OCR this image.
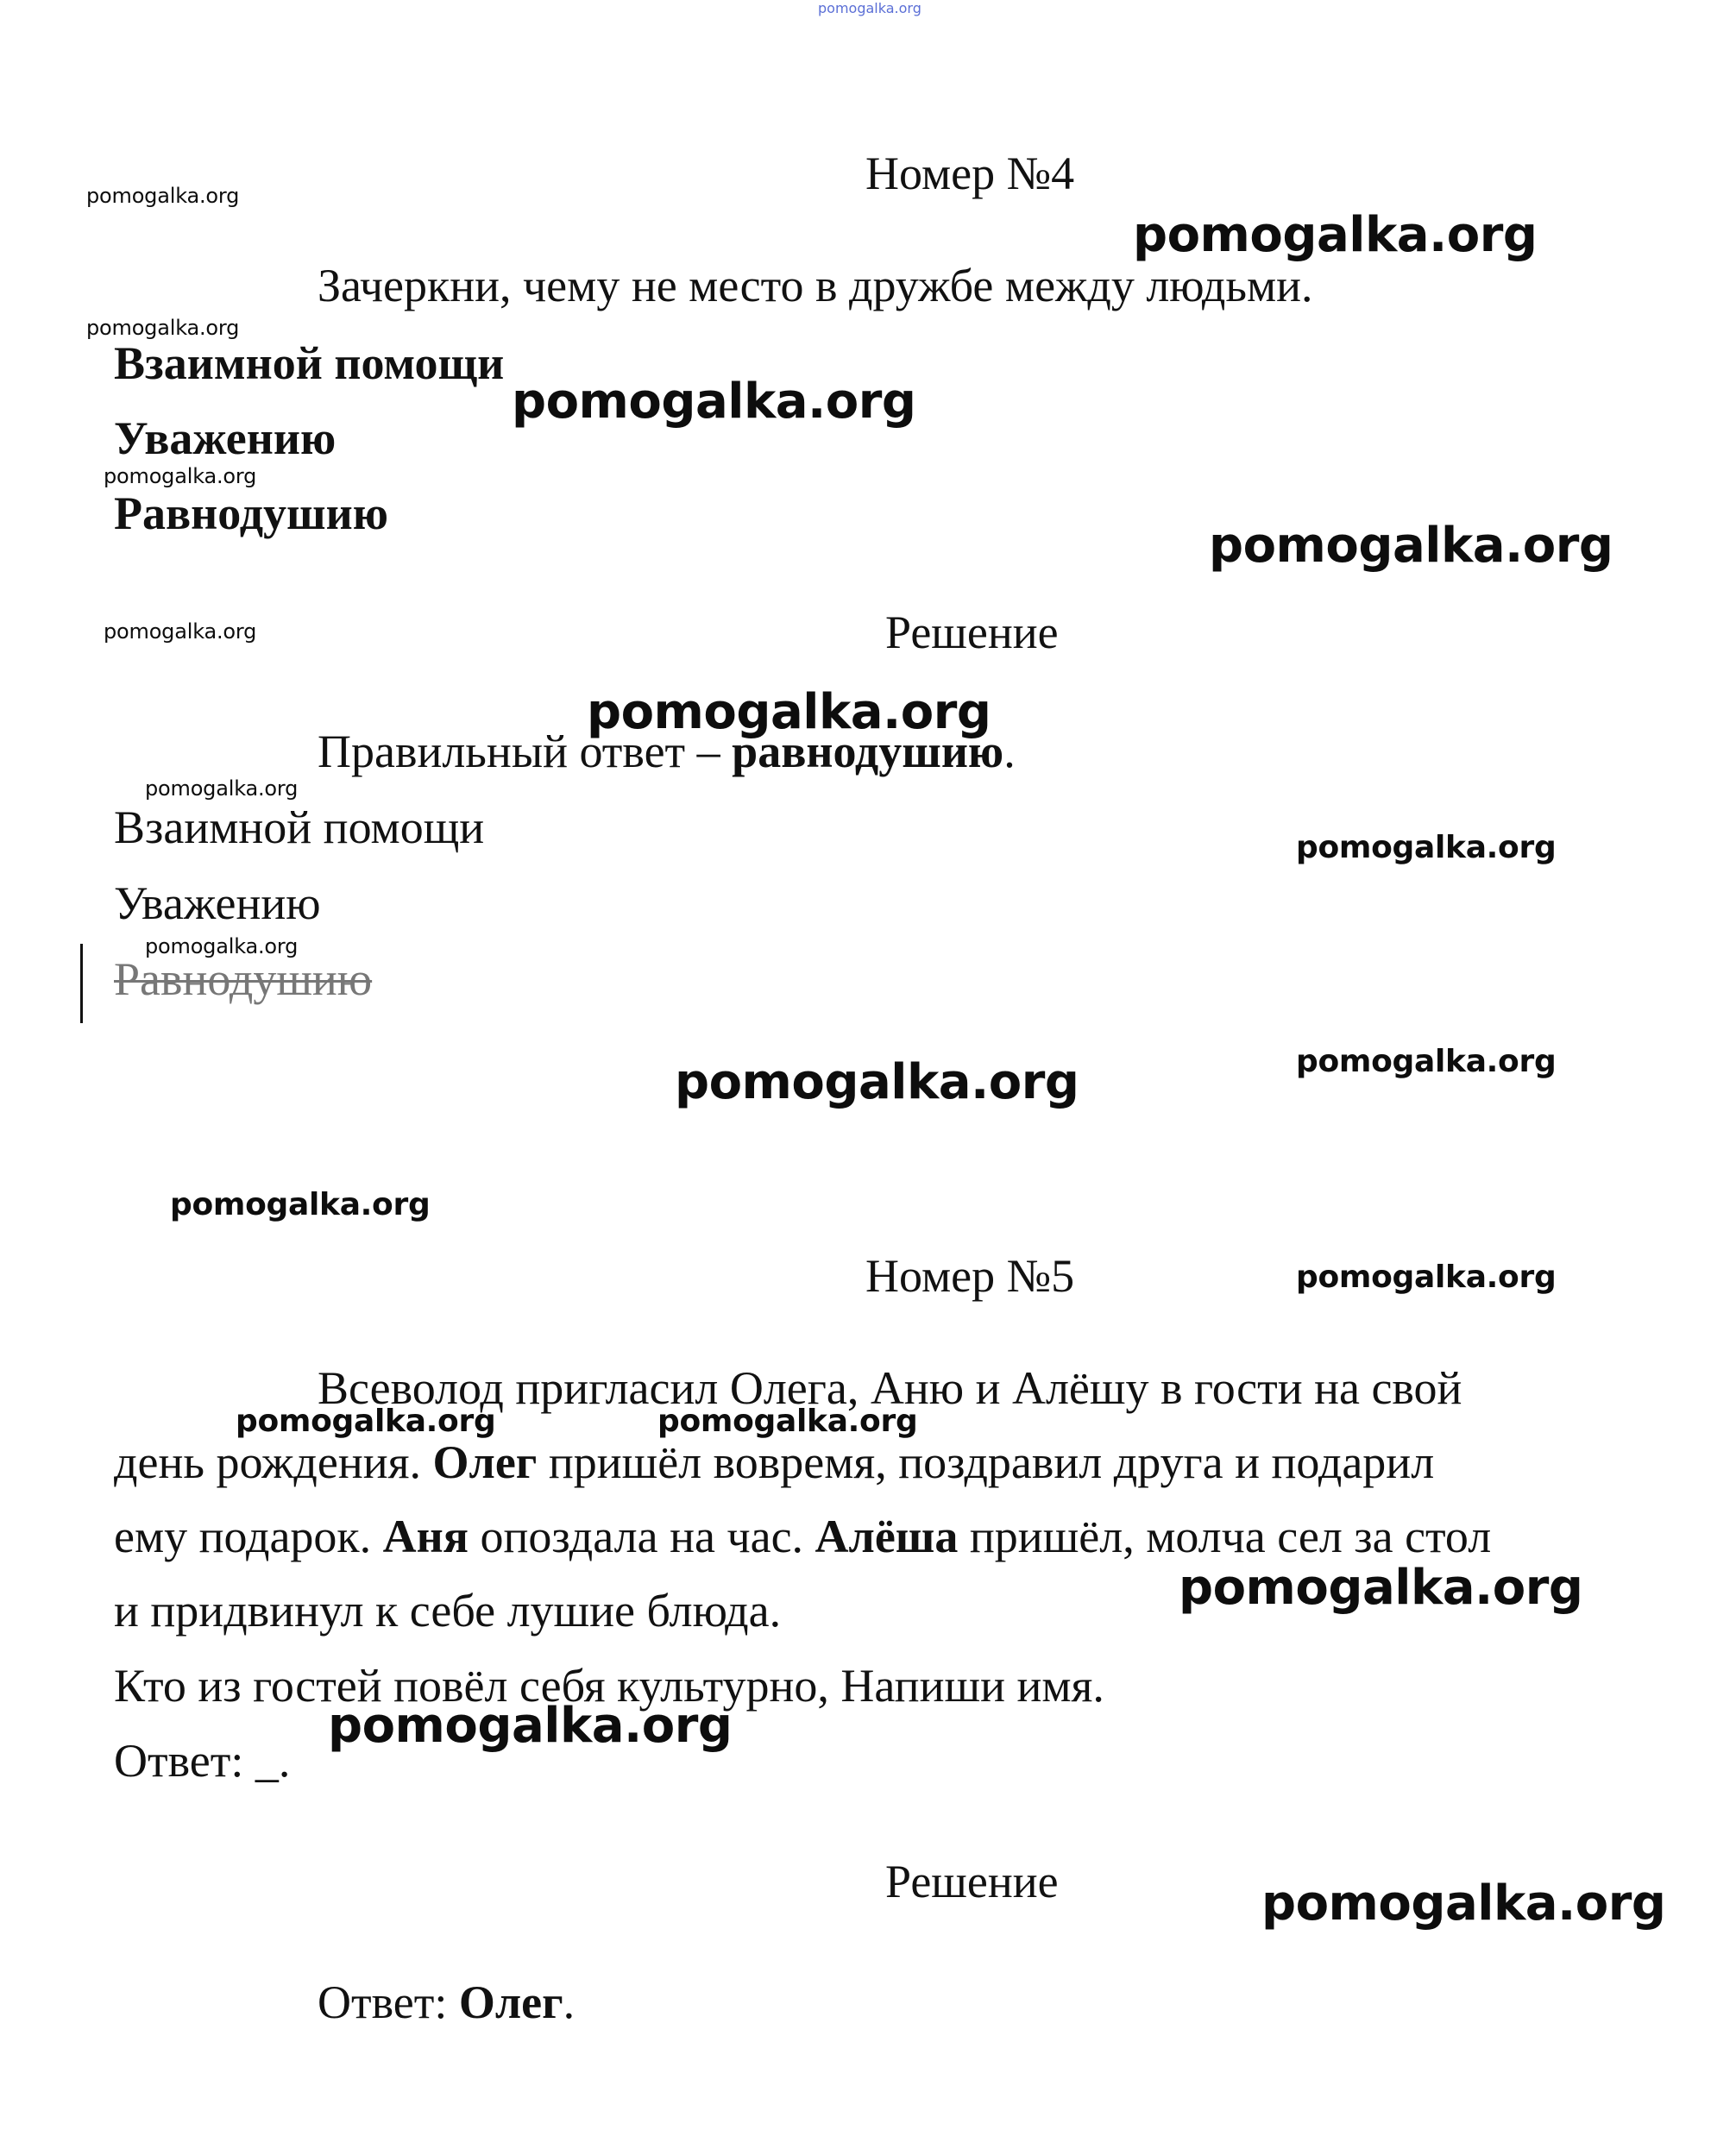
pomogalka.org
Номер №4
Зачеркни, чему не место в дружбе между людьми.
Взаимной помощи
Уважению
Равнодушию
Решение
Правильный ответ – равнодушию.
Взаимной помощи
Уважению
Равнодушию
Номер №5
Всеволод пригласил Олега, Аню и Алёшу в гости на свой
день рождения. Олег пришёл вовремя, поздравил друга и подарил
ему подарок. Аня опоздала на час. Алёша пришёл, молча сел за стол
и придвинул к себе лушие блюда.
Кто из гостей повёл себя культурно, Напиши имя.
Ответ: _.
Решение
Ответ: Олег.
pomogalka.org
pomogalka.org
pomogalka.org
pomogalka.org
pomogalka.org
pomogalka.org
pomogalka.org
pomogalka.org
pomogalka.org
pomogalka.org
pomogalka.org
pomogalka.org	pomogalka.org
pomogalka.org
pomogalka.org
pomogalka.org	pomogalka.org
pomogalka.org
pomogalka.org
pomogalka.org
